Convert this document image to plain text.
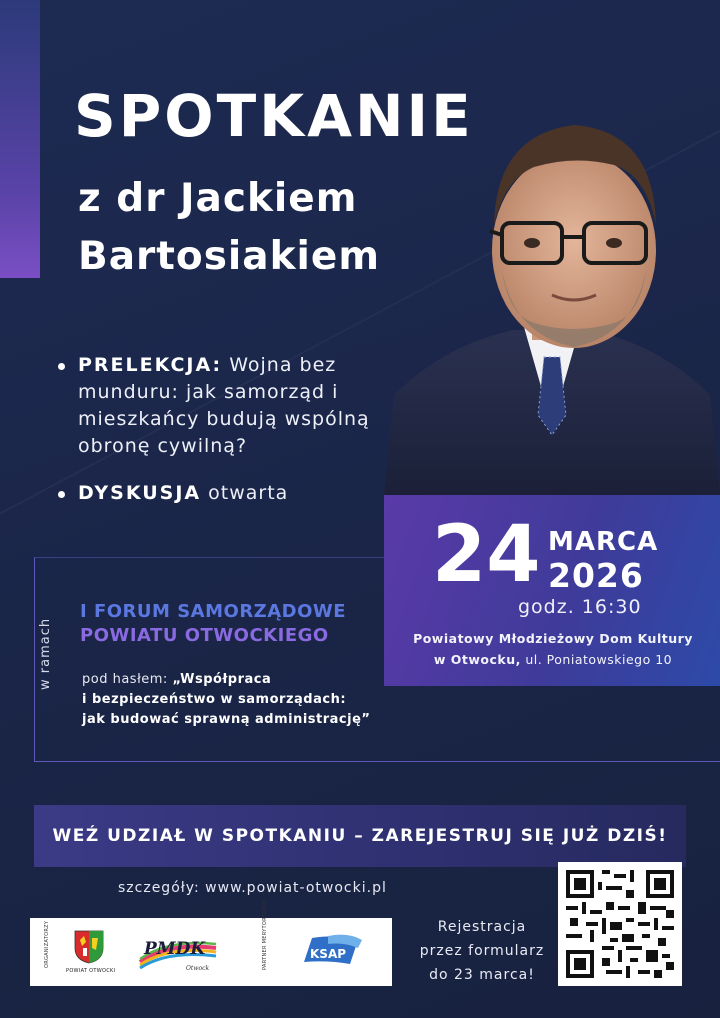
SPOTKANIE
z dr Jackiem
Bartosiakiem
PRELEKCJA: Wojna bez munduru: jak samorząd i mieszkańcy budują wspólną obronę cywilną?
DYSKUSJA otwarta
w ramach
I FORUM SAMORZĄDOWE
POWIATU OTWOCKIEGO
pod hasłem: „Współpraca
i bezpieczeństwo w samorządach:
jak budować sprawną administrację”
24 MARCA
2026
godz. 16:30
Powiatowy Młodzieżowy Dom Kultury
w Otwocku, ul. Poniatowskiego 10
WEŹ UDZIAŁ W SPOTKANIU – ZAREJESTRUJ SIĘ JUŻ DZIŚ!
szczegóły: www.powiat-otwocki.pl
ORGANIZATORZY
POWIAT OTWOCKI
PMDK
Otwock	PARTNER MERYTORYCZNY	KSAP
Rejestracja
przez formularz
do 23 marca!
